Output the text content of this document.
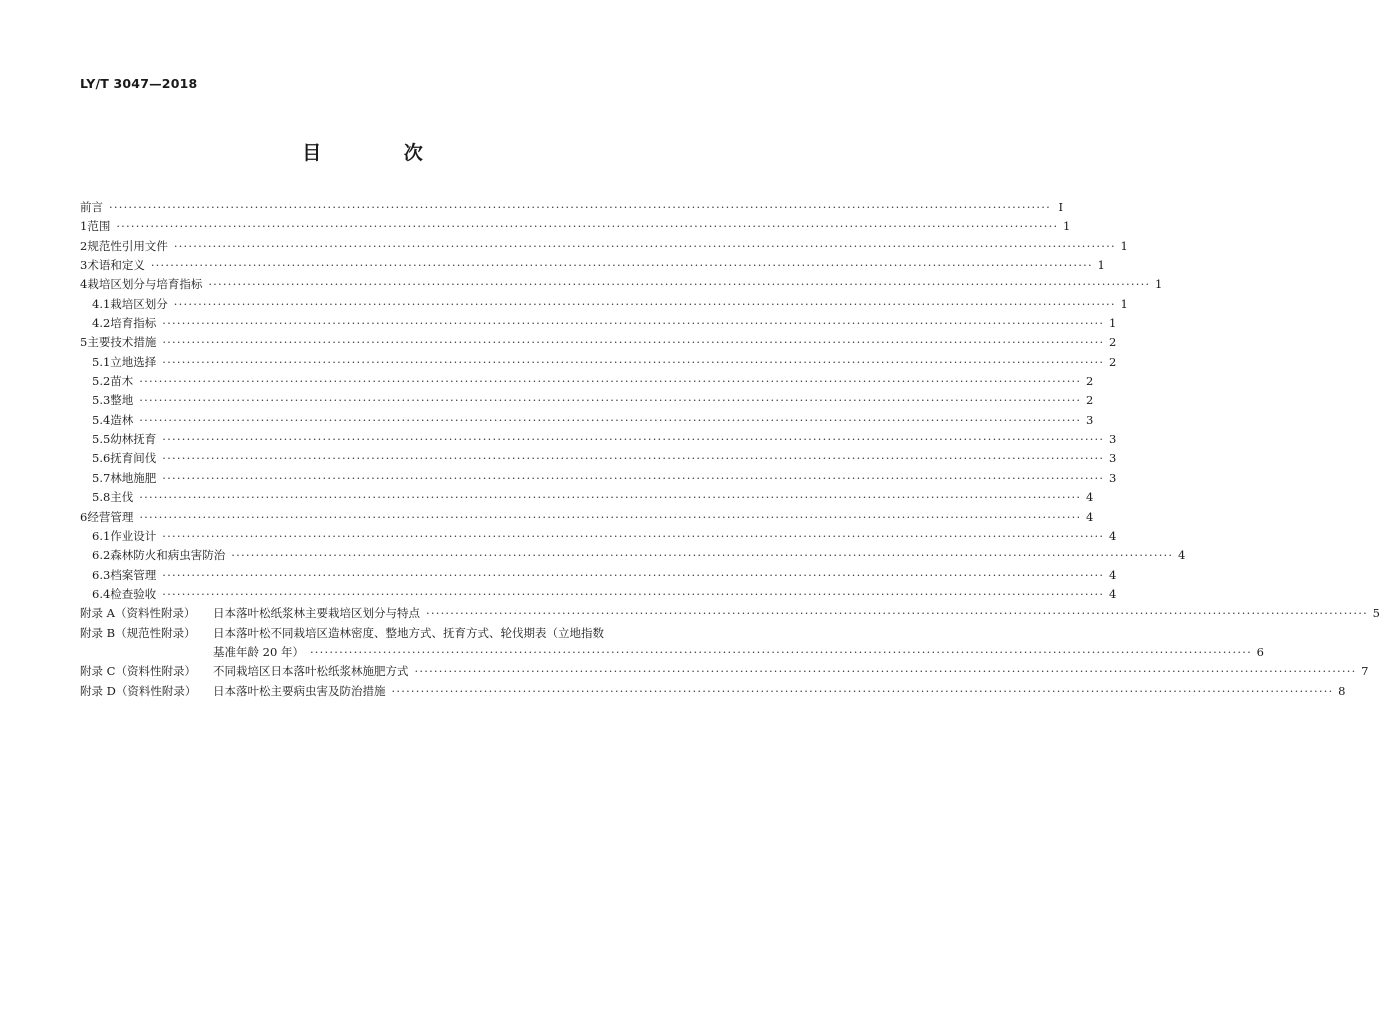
LY/T 3047—2018
目 次
前言 ·····	Ⅰ
1 范围 ·····	1
2 规范性引用文件 ·····	1
3 术语和定义 ·····	1
4 栽培区划分与培育指标 ·····	1
4.1 栽培区划分 ·····	1
4.2 培育指标 ·····	1
5 主要技术措施 ·····	2
5.1 立地选择 ·····	2
5.2 苗木 ·····	2
5.3 整地 ·····	2
5.4 造林 ·····	3
5.5 幼林抚育 ·····	3
5.6 抚育间伐 ·····	3
5.7 林地施肥 ·····	3
5.8 主伐 ·····	4
6 经营管理 ·····	4
6.1 作业设计 ·····	4
6.2 森林防火和病虫害防治 ·····	4
6.3 档案管理 ·····	4
6.4 检查验收 ·····	4
附录 A（资料性附录）	日本落叶松纸浆林主要栽培区划分与特点 ·····	5
附录 B（规范性附录）	日本落叶松不同栽培区造林密度、整地方式、抚育方式、轮伐期表（立地指数
基准年龄 20 年） ·····	6
附录 C（资料性附录）	不同栽培区日本落叶松纸浆林施肥方式 ·····	7
附录 D（资料性附录）	日本落叶松主要病虫害及防治措施 ·····	8
